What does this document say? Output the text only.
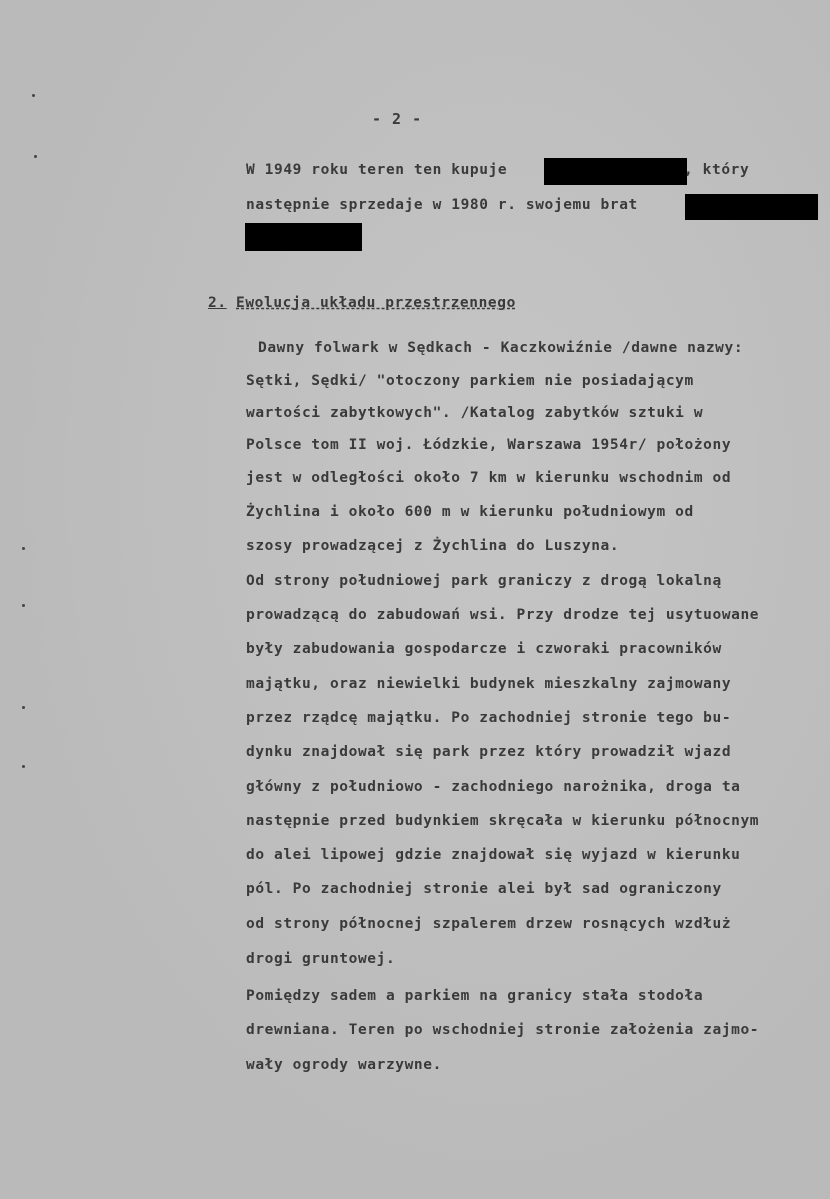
- 2 -
W 1949 roku teren ten kupuje	, który
następnie sprzedaje w 1980 r. swojemu brat
2. Ewolucja układu przestrzennego
Dawny folwark w Sędkach - Kaczkowiźnie /dawne nazwy:
Sętki, Sędki/ "otoczony parkiem nie posiadającym
wartości zabytkowych". /Katalog zabytków sztuki w
Polsce tom II woj. Łódzkie, Warszawa 1954r/ położony
jest w odległości około 7 km w kierunku wschodnim od
Żychlina i około 600 m w kierunku południowym od
szosy prowadzącej z Żychlina do Luszyna.
Od strony południowej park graniczy z drogą lokalną
prowadzącą do zabudowań wsi. Przy drodze tej usytuowane
były zabudowania gospodarcze i czworaki pracowników
majątku, oraz niewielki budynek mieszkalny zajmowany
przez rządcę majątku. Po zachodniej stronie tego bu-
dynku znajdował się park przez który prowadził wjazd
główny z południowo - zachodniego narożnika, droga ta
następnie przed budynkiem skręcała w kierunku północnym
do alei lipowej gdzie znajdował się wyjazd w kierunku
pól. Po zachodniej stronie alei był sad ograniczony
od strony północnej szpalerem drzew rosnących wzdłuż
drogi gruntowej.
Pomiędzy sadem a parkiem na granicy stała stodoła
drewniana. Teren po wschodniej stronie założenia zajmo-
wały ogrody warzywne.
